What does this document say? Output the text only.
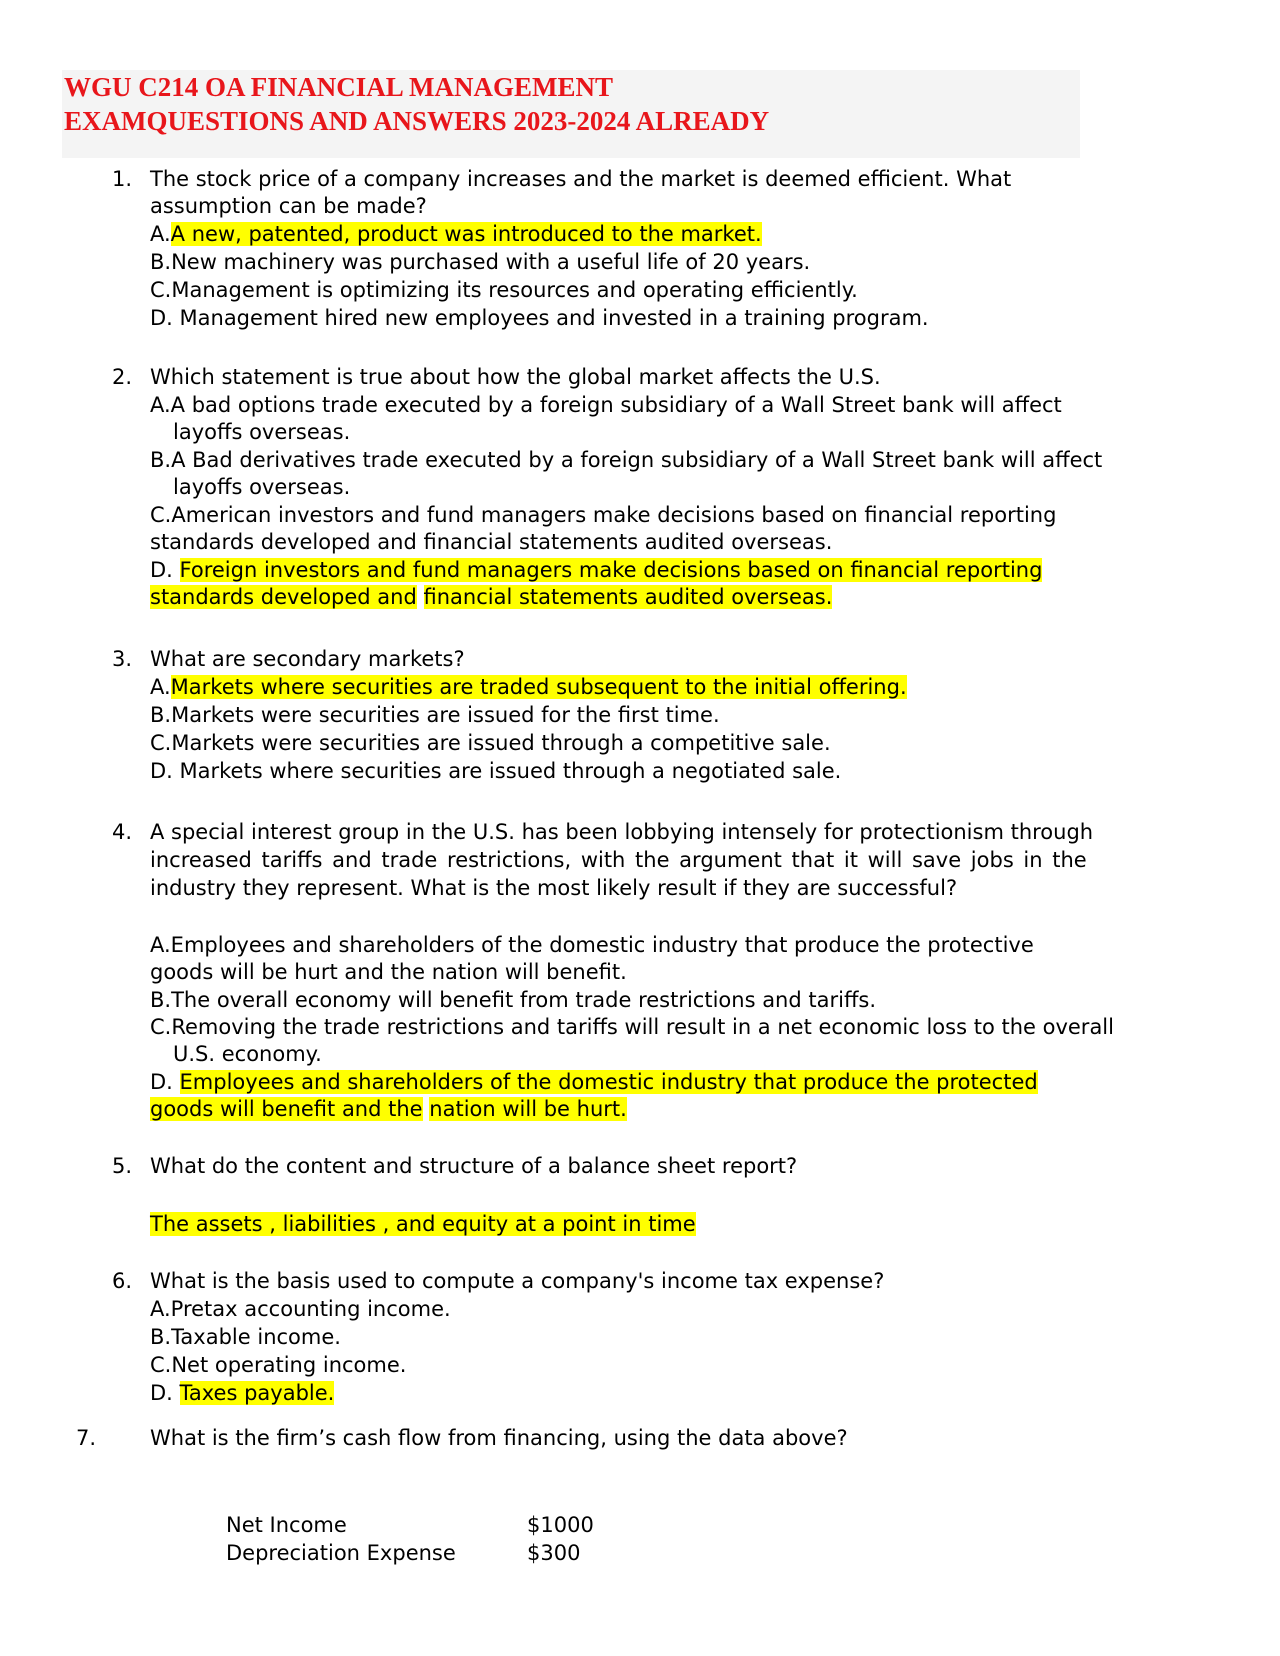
WGU C214 OA FINANCIAL MANAGEMENT

EXAMQUESTIONS AND ANSWERS 2023-2024 ALREADY

1. The stock price of a company increases and the market is deemed efficient. What

assumption can be made?

A.A new, patented, product was introduced to the market.

B.New machinery was purchased with a useful life of 20 years.

C.Management is optimizing its resources and operating efficiently.

D. Management hired new employees and invested in a training program.

2. Which statement is true about how the global market affects the U.S.

A.A bad options trade executed by a foreign subsidiary of a Wall Street bank will affect

layoffs overseas.

B.A Bad derivatives trade executed by a foreign subsidiary of a Wall Street bank will affect

layoffs overseas.

C.American investors and fund managers make decisions based on financial reporting

standards developed and financial statements audited overseas.

D. Foreign investors and fund managers make decisions based on financial reporting

standards developed and financial statements audited overseas.

3. What are secondary markets?

A.Markets where securities are traded subsequent to the initial offering.

B.Markets were securities are issued for the first time.

C.Markets were securities are issued through a competitive sale.

D. Markets where securities are issued through a negotiated sale.

4. A special interest group in the U.S. has been lobbying intensely for protectionism through

increased tariffs and trade restrictions, with the argument that it will save jobs in the

industry they represent. What is the most likely result if they are successful?

A.Employees and shareholders of the domestic industry that produce the protective

goods will be hurt and the nation will benefit.

B.The overall economy will benefit from trade restrictions and tariffs.

C.Removing the trade restrictions and tariffs will result in a net economic loss to the overall

U.S. economy.

D. Employees and shareholders of the domestic industry that produce the protected

goods will benefit and the nation will be hurt.

5. What do the content and structure of a balance sheet report?

The assets , liabilities , and equity at a point in time

6. What is the basis used to compute a company's income tax expense?

A.Pretax accounting income.

B.Taxable income.

C.Net operating income.

D. Taxes payable.

7.	What is the firm’s cash flow from financing, using the data above?

Net Income	$1000

Depreciation Expense	$300
